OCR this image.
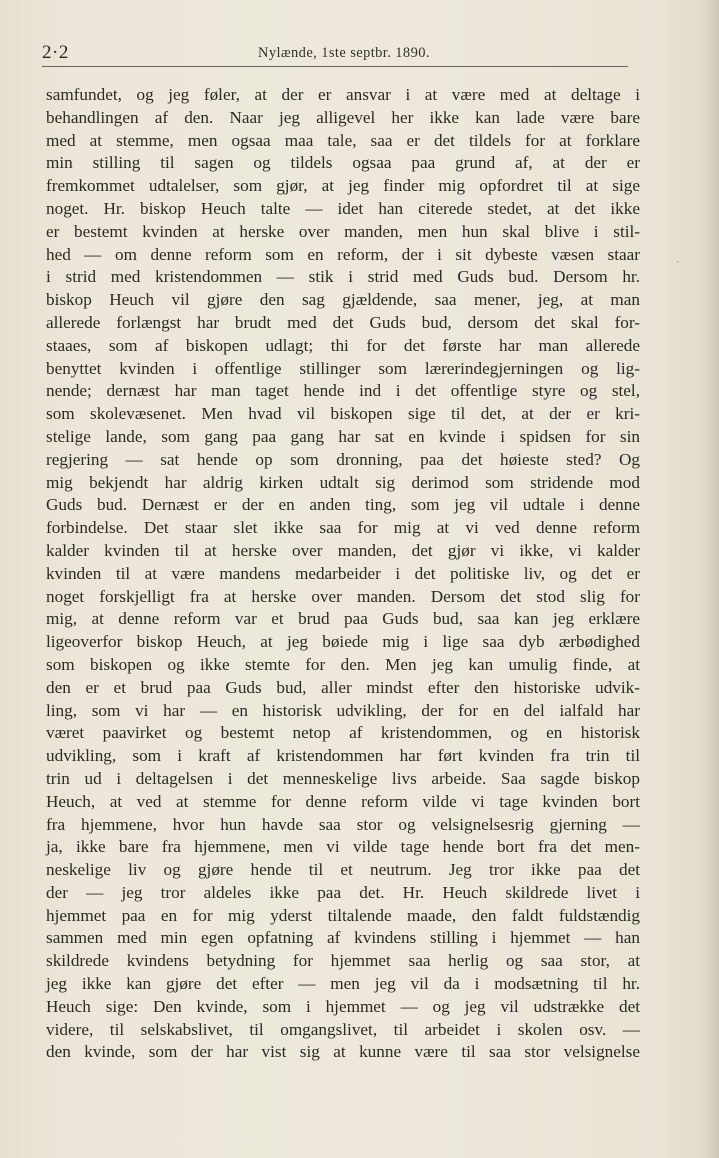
2·2	Nylænde, 1ste septbr. 1890.
samfundet, og jeg føler, at der er ansvar i at være med at deltage i
behandlingen af den. Naar jeg alligevel her ikke kan lade være bare
med at stemme, men ogsaa maa tale, saa er det tildels for at forklare
min stilling til sagen og tildels ogsaa paa grund af, at der er
fremkommet udtalelser, som gjør, at jeg finder mig opfordret til at sige
noget. Hr. biskop Heuch talte — idet han citerede stedet, at det ikke
er bestemt kvinden at herske over manden, men hun skal blive i stil-
hed — om denne reform som en reform, der i sit dybeste væsen staar
i strid med kristendommen — stik i strid med Guds bud. Dersom hr.
biskop Heuch vil gjøre den sag gjældende, saa mener, jeg, at man
allerede forlængst har brudt med det Guds bud, dersom det skal for-
staaes, som af biskopen udlagt; thi for det første har man allerede
benyttet kvinden i offentlige stillinger som lærerindegjerningen og lig-
nende; dernæst har man taget hende ind i det offentlige styre og stel,
som skolevæsenet. Men hvad vil biskopen sige til det, at der er kri-
stelige lande, som gang paa gang har sat en kvinde i spidsen for sin
regjering — sat hende op som dronning, paa det høieste sted? Og
mig bekjendt har aldrig kirken udtalt sig derimod som stridende mod
Guds bud. Dernæst er der en anden ting, som jeg vil udtale i denne
forbindelse. Det staar slet ikke saa for mig at vi ved denne reform
kalder kvinden til at herske over manden, det gjør vi ikke, vi kalder
kvinden til at være mandens medarbeider i det politiske liv, og det er
noget forskjelligt fra at herske over manden. Dersom det stod slig for
mig, at denne reform var et brud paa Guds bud, saa kan jeg erklære
ligeoverfor biskop Heuch, at jeg bøiede mig i lige saa dyb ærbødighed
som biskopen og ikke stemte for den. Men jeg kan umulig finde, at
den er et brud paa Guds bud, aller mindst efter den historiske udvik-
ling, som vi har — en historisk udvikling, der for en del ialfald har
været paavirket og bestemt netop af kristendommen, og en historisk
udvikling, som i kraft af kristendommen har ført kvinden fra trin til
trin ud i deltagelsen i det menneskelige livs arbeide. Saa sagde biskop
Heuch, at ved at stemme for denne reform vilde vi tage kvinden bort
fra hjemmene, hvor hun havde saa stor og velsignelsesrig gjerning —
ja, ikke bare fra hjemmene, men vi vilde tage hende bort fra det men-
neskelige liv og gjøre hende til et neutrum. Jeg tror ikke paa det
der — jeg tror aldeles ikke paa det. Hr. Heuch skildrede livet i
hjemmet paa en for mig yderst tiltalende maade, den faldt fuldstændig
sammen med min egen opfatning af kvindens stilling i hjemmet — han
skildrede kvindens betydning for hjemmet saa herlig og saa stor, at
jeg ikke kan gjøre det efter — men jeg vil da i modsætning til hr.
Heuch sige: Den kvinde, som i hjemmet — og jeg vil udstrække det
videre, til selskabslivet, til omgangslivet, til arbeidet i skolen osv. —
den kvinde, som der har vist sig at kunne være til saa stor velsignelse
ˏ
